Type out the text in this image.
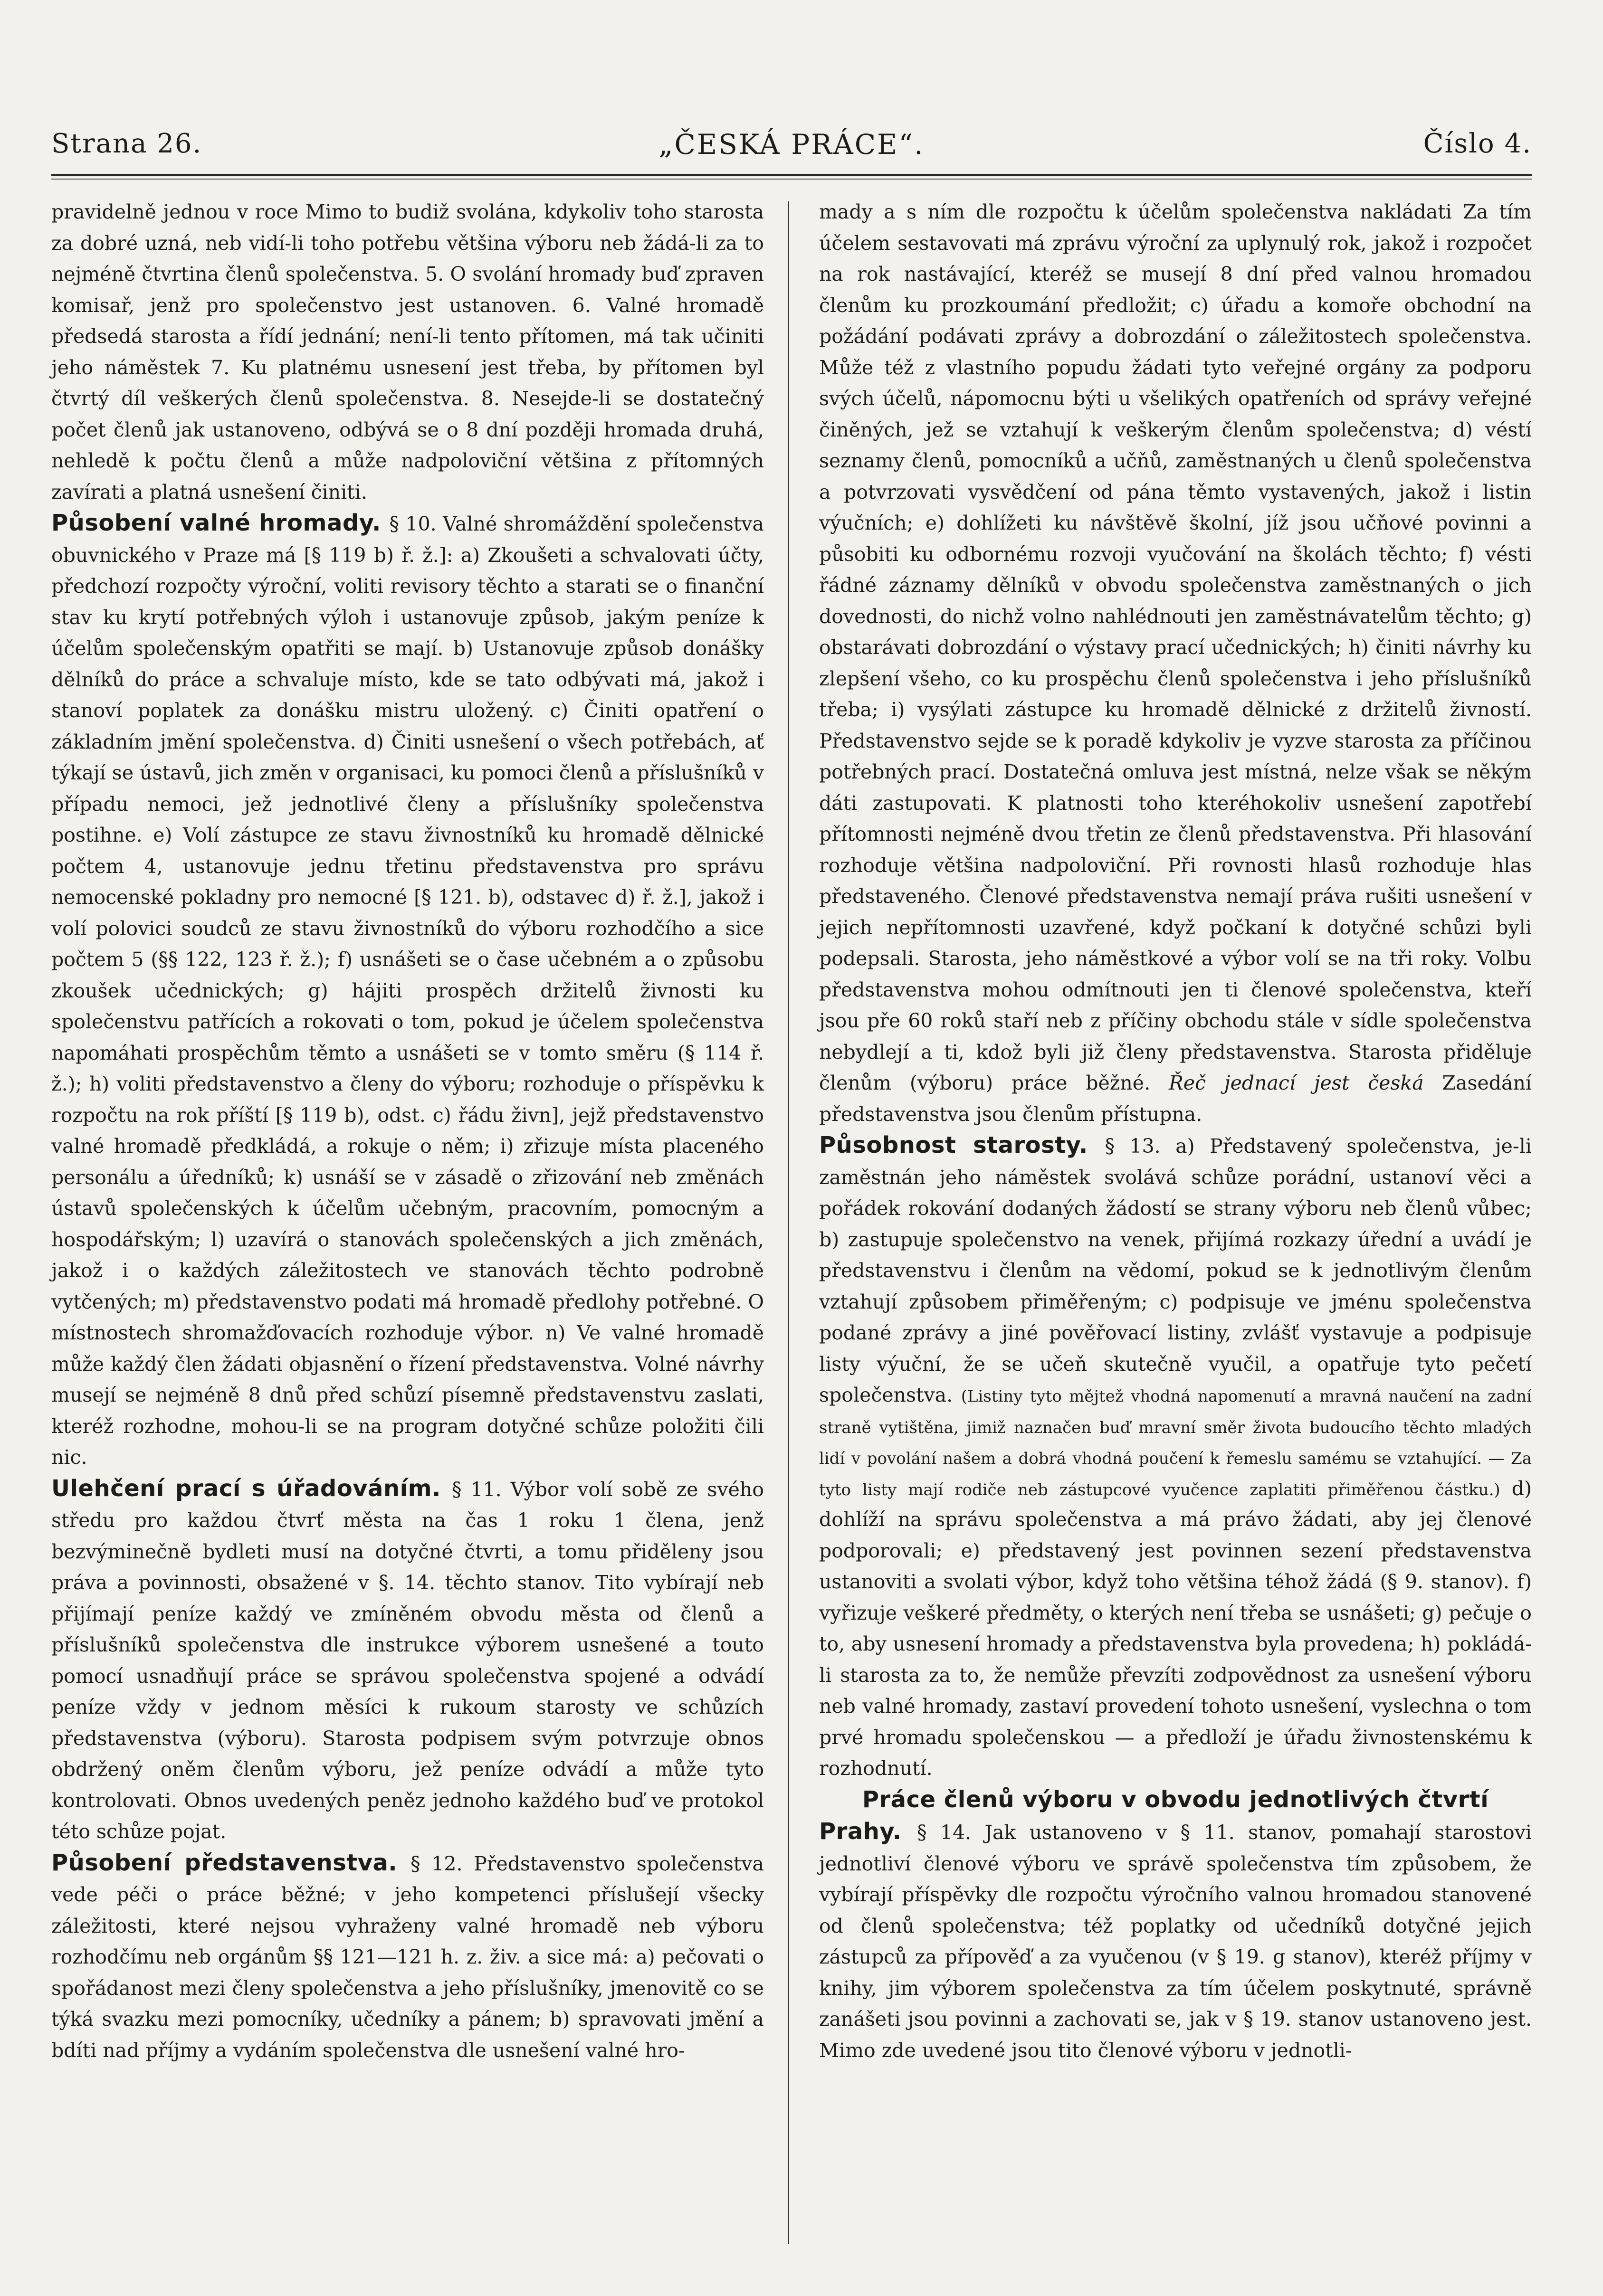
Strana 26.	„ČESKÁ PRÁCE“.	Číslo 4.

pravidelně jednou v roce Mimo to budiž svolána, kdykoliv toho starosta za dobré uzná, neb vidí-li toho potřebu většina výboru neb žádá-li za to nejméně čtvrtina členů společenstva. 5. O svolání hromady buď zpraven komisař, jenž pro společenstvo jest ustanoven. 6. Valné hromadě předsedá starosta a řídí jednání; není-li tento přítomen, má tak učiniti jeho náměstek 7. Ku platnému usnesení jest třeba, by přítomen byl čtvrtý díl veškerých členů společenstva. 8. Nesejde-li se dostatečný počet členů jak ustanoveno, odbývá se o 8 dní později hromada druhá, nehledě k počtu členů a může nadpoloviční většina z přítomných zavírati a platná usnešení činiti.

Působení valné hromady. § 10. Valné shromáždění společenstva obuvnického v Praze má [§ 119 b) ř. ž.]: a) Zkoušeti a schvalovati účty, předchozí rozpočty výroční, voliti revisory těchto a starati se o finanční stav ku krytí potřebných výloh i ustanovuje způsob, jakým peníze k účelům společenským opatřiti se mají. b) Ustanovuje způsob donášky dělníků do práce a schvaluje místo, kde se tato odbývati má, jakož i stanoví poplatek za donášku mistru uložený. c) Činiti opatření o základním jmění společenstva. d) Činiti usnešení o všech potřebách, ať týkají se ústavů, jich změn v organisaci, ku pomoci členů a příslušníků v případu nemoci, jež jednotlivé členy a příslušníky společenstva postihne. e) Volí zástupce ze stavu živnostníků ku hromadě dělnické počtem 4, ustanovuje jednu třetinu představenstva pro správu nemocenské pokladny pro nemocné [§ 121. b), odstavec d) ř. ž.], jakož i volí polovici soudců ze stavu živnostníků do výboru rozhodčího a sice počtem 5 (§§ 122, 123 ř. ž.); f) usnášeti se o čase učebném a o způsobu zkoušek učednických; g) hájiti prospěch držitelů živnosti ku společenstvu patřících a rokovati o tom, pokud je účelem společenstva napomáhati prospěchům těmto a usnášeti se v tomto směru (§ 114 ř. ž.); h) voliti představenstvo a členy do výboru; rozhoduje o příspěvku k rozpočtu na rok příští [§ 119 b), odst. c) řádu živn], jejž představenstvo valné hromadě předkládá, a rokuje o něm; i) zřizuje místa placeného personálu a úředníků; k) usnáší se v zásadě o zřizování neb změnách ústavů společenských k účelům učebným, pracovním, pomocným a hospodářským; l) uzavírá o stanovách společenských a jich změnách, jakož i o každých záležitostech ve stanovách těchto podrobně vytčených; m) představenstvo podati má hromadě předlohy potřebné. O místnostech shromažďovacích rozhoduje výbor. n) Ve valné hromadě může každý člen žádati objasnění o řízení představenstva. Volné návrhy musejí se nejméně 8 dnů před schůzí písemně představenstvu zaslati, kteréž rozhodne, mohou-li se na program dotyčné schůze položiti čili nic.

Ulehčení prací s úřadováním. § 11. Výbor volí sobě ze svého středu pro každou čtvrť města na čas 1 roku 1 člena, jenž bezvýminečně bydleti musí na dotyčné čtvrti, a tomu přiděleny jsou práva a povinnosti, obsažené v §. 14. těchto stanov. Tito vybírají neb přijímají peníze každý ve zmíněném obvodu města od členů a příslušníků společenstva dle instrukce výborem usnešené a touto pomocí usnadňují práce se správou společenstva spojené a odvádí peníze vždy v jednom měsíci k rukoum starosty ve schůzích představenstva (výboru). Starosta podpisem svým potvrzuje obnos obdržený oněm členům výboru, jež peníze odvádí a může tyto kontrolovati. Obnos uvedených peněz jednoho každého buď ve protokol této schůze pojat.

Působení představenstva. § 12. Představenstvo společenstva vede péči o práce běžné; v jeho kompetenci příslušejí všecky záležitosti, které nejsou vyhraženy valné hromadě neb výboru rozhodčímu neb orgánům §§ 121—121 h. z. živ. a sice má: a) pečovati o spořádanost mezi členy společenstva a jeho příslušníky, jmenovitě co se týká svazku mezi pomocníky, učedníky a pánem; b) spravovati jmění a bdíti nad příjmy a vydáním společenstva dle usnešení valné hro-

mady a s ním dle rozpočtu k účelům společenstva nakládati Za tím účelem sestavovati má zprávu výroční za uplynulý rok, jakož i rozpočet na rok nastávající, kteréž se musejí 8 dní před valnou hromadou členům ku prozkoumání předložit; c) úřadu a komoře obchodní na požádání podávati zprávy a dobrozdání o záležitostech společenstva. Může též z vlastního popudu žádati tyto veřejné orgány za podporu svých účelů, nápomocnu býti u všelikých opatřeních od správy veřejné činěných, jež se vztahují k veškerým členům společenstva; d) véstí seznamy členů, pomocníků a učňů, zaměstnaných u členů společenstva a potvrzovati vysvědčení od pána těmto vystavených, jakož i listin výučních; e) dohlížeti ku návštěvě školní, jíž jsou učňové povinni a působiti ku odbornému rozvoji vyučování na školách těchto; f) vésti řádné záznamy dělníků v obvodu společenstva zaměstnaných o jich dovednosti, do nichž volno nahlédnouti jen zaměstnávatelům těchto; g) obstarávati dobrozdání o výstavy prací učednických; h) činiti návrhy ku zlepšení všeho, co ku prospěchu členů společenstva i jeho příslušníků třeba; i) vysýlati zástupce ku hromadě dělnické z držitelů živností. Představenstvo sejde se k poradě kdykoliv je vyzve starosta za příčinou potřebných prací. Dostatečná omluva jest místná, nelze však se někým dáti zastupovati. K platnosti toho kteréhokoliv usnešení zapotřebí přítomnosti nejméně dvou třetin ze členů představenstva. Při hlasování rozhoduje většina nadpoloviční. Při rovnosti hlasů rozhoduje hlas představeného. Členové představenstva nemají práva rušiti usnešení v jejich nepřítomnosti uzavřené, když počkaní k dotyčné schůzi byli podepsali. Starosta, jeho náměstkové a výbor volí se na tři roky. Volbu představenstva mohou odmítnouti jen ti členové společenstva, kteří jsou pře 60 roků staří neb z příčiny obchodu stále v sídle společenstva nebydlejí a ti, kdož byli již členy představenstva. Starosta přiděluje členům (výboru) práce běžné. Řeč jednací jest česká Zasedání představenstva jsou členům přístupna.

Působnost starosty. § 13. a) Představený společenstva, je-li zaměstnán jeho náměstek svolává schůze porádní, ustanoví věci a pořádek rokování dodaných žádostí se strany výboru neb členů vůbec; b) zastupuje společenstvo na venek, přijímá rozkazy úřední a uvádí je představenstvu i členům na vědomí, pokud se k jednotlivým členům vztahují způsobem přiměřeným; c) podpisuje ve jménu společenstva podané zprávy a jiné pověřovací listiny, zvlášť vystavuje a podpisuje listy výuční, že se učeň skutečně vyučil, a opatřuje tyto pečetí společenstva. (Listiny tyto mějtež vhodná napomenutí a mravná naučení na zadní straně vytištěna, jimiž naznačen buď mravní směr života budoucího těchto mladých lidí v povolání našem a dobrá vhodná poučení k řemeslu samému se vztahující. — Za tyto listy mají rodiče neb zástupcové vyučence zaplatiti přiměřenou částku.) d) dohlíží na správu společenstva a má právo žádati, aby jej členové podporovali; e) představený jest povinnen sezení představenstva ustanoviti a svolati výbor, když toho většina téhož žádá (§ 9. stanov). f) vyřizuje veškeré předměty, o kterých není třeba se usnášeti; g) pečuje o to, aby usnesení hromady a představenstva byla provedena; h) pokládá-li starosta za to, že nemůže převzíti zodpovědnost za usnešení výboru neb valné hromady, zastaví provedení tohoto usnešení, vyslechna o tom prvé hromadu společenskou — a předloží je úřadu živnostenskému k rozhodnutí.

Práce členů výboru v obvodu jednotlivých čtvrtí

Prahy. § 14. Jak ustanoveno v § 11. stanov, pomahají starostovi jednotliví členové výboru ve správě společenstva tím způsobem, že vybírají příspěvky dle rozpočtu výročního valnou hromadou stanovené od členů společenstva; též poplatky od učedníků dotyčné jejich zástupců za přípověď a za vyučenou (v § 19. g stanov), kteréž příjmy v knihy, jim výborem společenstva za tím účelem poskytnuté, správně zanášeti jsou povinni a zachovati se, jak v § 19. stanov ustanoveno jest. Mimo zde uvedené jsou tito členové výboru v jednotli-
